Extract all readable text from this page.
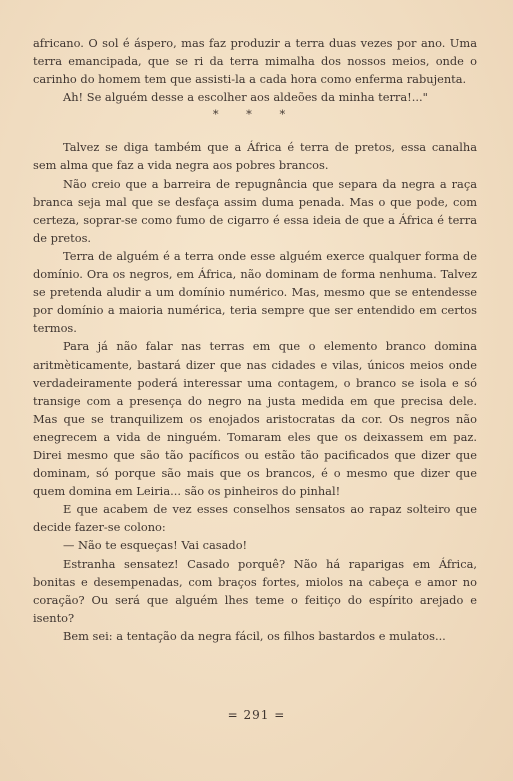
africano. O sol é áspero, mas faz produzir a terra duas vezes por ano. Uma terra emancipada, que se ri da terra mimalha dos nossos meios, onde o carinho do homem tem que assisti-la a cada hora como enferma rabujenta.

Ah! Se alguém desse a escolher aos aldeões da minha terra!..."

* * *

Talvez se diga também que a África é terra de pretos, essa canalha sem alma que faz a vida negra aos pobres brancos.

Não creio que a barreira de repugnância que separa da negra a raça branca seja mal que se desfaça assim duma penada. Mas o que pode, com certeza, soprar-se como fumo de cigarro é essa ideia de que a África é terra de pretos.

Terra de alguém é a terra onde esse alguém exerce qualquer forma de domínio. Ora os negros, em África, não dominam de forma nenhuma. Talvez se pretenda aludir a um domínio numérico. Mas, mesmo que se entendesse por domínio a maioria numérica, teria sempre que ser entendido em certos termos.

Para já não falar nas terras em que o elemento branco domina aritmèticamente, bastará dizer que nas cidades e vilas, únicos meios onde verdadeiramente poderá interessar uma contagem, o branco se isola e só transige com a presença do negro na justa medida em que precisa dele. Mas que se tranquilizem os enojados aristocratas da cor. Os negros não enegrecem a vida de ninguém. Tomaram eles que os deixassem em paz. Direi mesmo que são tão pacíficos ou estão tão pacificados que dizer que dominam, só porque são mais que os brancos, é o mesmo que dizer que quem domina em Leiria... são os pinheiros do pinhal!

E que acabem de vez esses conselhos sensatos ao rapaz solteiro que decide fazer-se colono:

— Não te esqueças! Vai casado!

Estranha sensatez! Casado porquê? Não há raparigas em África, bonitas e desempenadas, com braços fortes, miolos na cabeça e amor no coração? Ou será que alguém lhes teme o feitiço do espírito arejado e isento?

Bem sei: a tentação da negra fácil, os filhos bastardos e mulatos...

= 291 =
